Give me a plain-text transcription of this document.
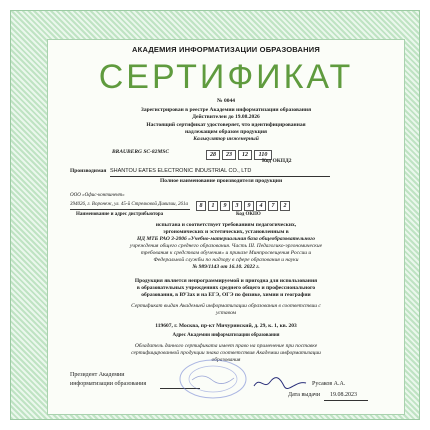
АКАДЕМИЯ ИНФОРМАТИЗАЦИИ ОБРАЗОВАНИЯ
СЕРТИФИКАТ
№ 0044
Зарегистрирован в реестре Академии информатизации образования
Действителен до 19.08.2026
Настоящий сертификат удостоверяет, что идентифицированная
надлежащим образом продукция
Калькулятор инженерный
BRAUBERG SC-82MSC
28 23 12 110
Код ОКПД2
Производимая SHANTOU EATES ELECTRONIC INDUSTRIAL CO., LTD
Полное наименование производителя продукции
ООО «Офис-континент»
394026, г. Воронеж, ул. 45-й Стрелковой Дивизии, 261а	8 1 9 3 9 4 7 2
Наименование и адрес дистрибьютора	Код ОКПО
испытана и соответствует требованиям педагогических,
эргономических и эстетических, установленным в
НД МТБ РАО 3-2006 «Учебно-материальная база общеобразовательного
учреждения общего среднего образования. Часть III. Педагогико-эргономические
требования к средствам обучения» и приказе Минпросвещения России и
Федеральной службы по надзору в сфере образования и науки
№ 989/1143 от 16.10. 2022 г.
Продукция является непрограммируемой и пригодна для использования
в образовательных учреждениях среднего общего и профессионального
образования, в ВУЗах и на ЕГЭ, ОГЭ по физике, химии и географии
Сертификат выдан Академией информатизации образования в соответствии с
уставом
119607, г. Москва, пр-кт Мичуринский, д. 29, к. 1, кв. 203
Адрес Академии информатизации образования
Обладатель данного сертификата имеет право на применение при поставке
сертифицированной продукции знака соответствия Академии информатизации
образования
Президент Академии
информатизации образования	Русаков А.А.
Дата выдачи 19.08.2023
